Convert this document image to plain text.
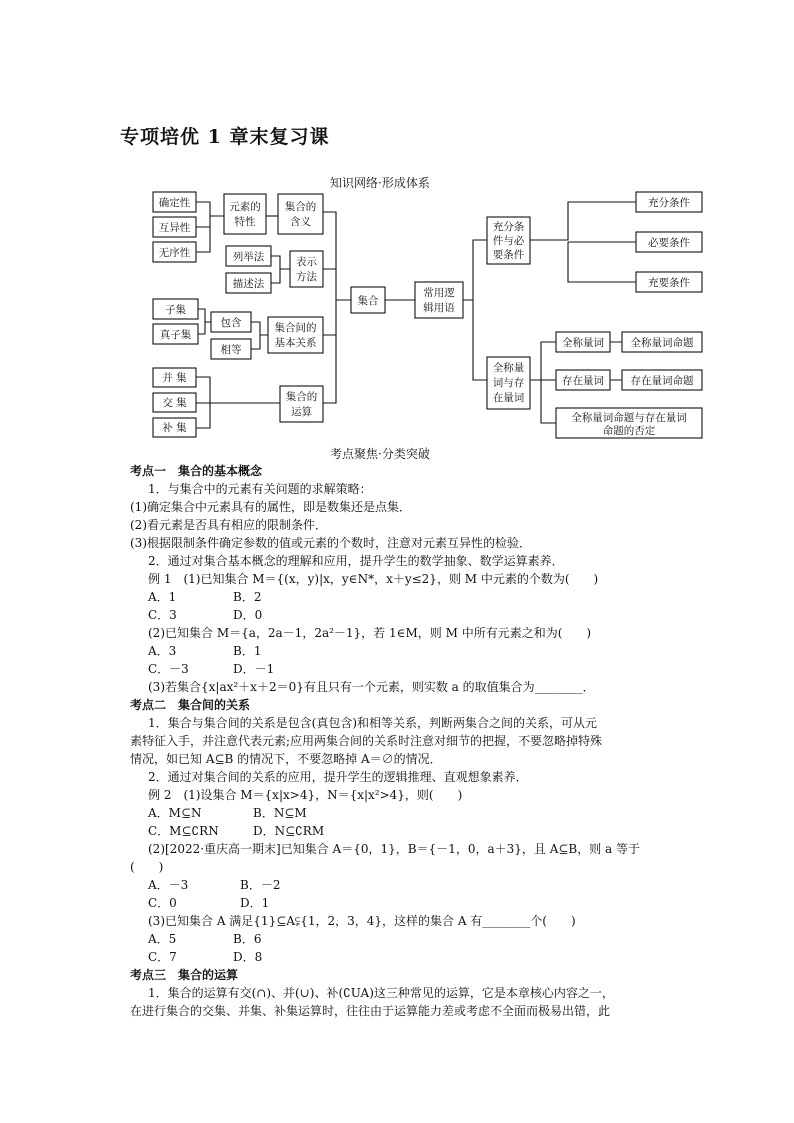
专项培优 1 章末复习课
知识网络·形成体系
确定性
互异性
无序性
元素的
特性
集合的
含义
列举法
描述法
表示
方法
子集
真子集
包含
相等
集合间的
基本关系
并 集
交 集
补 集
集合的
运算
集合
常用逻
辑用语
充分条
件与必
要条件
充分条件
必要条件
充要条件
全称量
词与存
在量词
全称量词	全称量词命题
存在量词	存在量词命题
全称量词命题与存在量词
命题的否定
考点聚焦·分类突破
考点一　集合的基本概念
1．与集合中的元素有关问题的求解策略：
(1)确定集合中元素具有的属性，即是数集还是点集．
(2)看元素是否具有相应的限制条件．
(3)根据限制条件确定参数的值或元素的个数时，注意对元素互异性的检验．
2．通过对集合基本概念的理解和应用，提升学生的数学抽象、数学运算素养．
例 1　(1)已知集合 M＝{(x，y)|x，y∈N*，x＋y≤2}，则 M 中元素的个数为(　　)
A．1	B．2
C．3	D．0
(2)已知集合 M＝{a，2a－1，2a²－1}，若 1∈M，则 M 中所有元素之和为(　　)
A．3	B．1
C．－3	D．－1
(3)若集合{x|ax²＋x＋2＝0}有且只有一个元素，则实数 a 的取值集合为________．
考点二　集合间的关系
1．集合与集合间的关系是包含(真包含)和相等关系，判断两集合之间的关系，可从元
素特征入手，并注意代表元素;应用两集合间的关系时注意对细节的把握，不要忽略掉特殊
情况，如已知 A⊆B 的情况下，不要忽略掉 A＝∅的情况．
2．通过对集合间的关系的应用，提升学生的逻辑推理、直观想象素养．
例 2　(1)设集合 M＝{x|x>4}，N＝{x|x²>4}，则(　　)
A．M⊆N	B．N⊆M
C．M⊆∁RN	D．N⊆∁RM
(2)[2022·重庆高一期末]已知集合 A＝{0，1}，B＝{－1，0，a＋3}，且 A⊆B，则 a 等于
(　　)
A．－3	B．－2
C．0	D．1
(3)已知集合 A 满足{1}⊆A⫋{1，2，3，4}，这样的集合 A 有________个(　　)
A．5	B．6
C．7	D．8
考点三　集合的运算
1．集合的运算有交(∩)、并(∪)、补(∁UA)这三种常见的运算，它是本章核心内容之一，
在进行集合的交集、并集、补集运算时，往往由于运算能力差或考虑不全面而极易出错，此
